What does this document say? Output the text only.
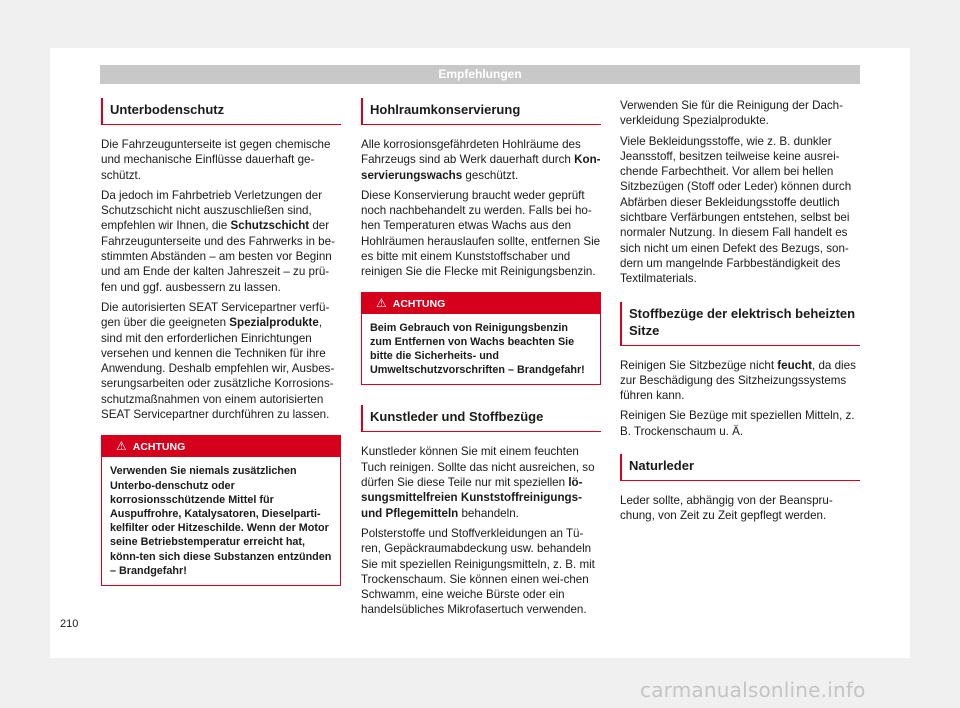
Empfehlungen
Unterbodenschutz

Die Fahrzeugunterseite ist gegen chemische und mechanische Einflüsse dauerhaft ge-schützt.

Da jedoch im Fahrbetrieb Verletzungen der Schutzschicht nicht auszuschließen sind, empfehlen wir Ihnen, die Schutzschicht der Fahrzeugunterseite und des Fahrwerks in be-stimmten Abständen – am besten vor Beginn und am Ende der kalten Jahreszeit – zu prü-fen und ggf. ausbessern zu lassen.

Die autorisierten SEAT Servicepartner verfü-gen über die geeigneten Spezialprodukte, sind mit den erforderlichen Einrichtungen versehen und kennen die Techniken für ihre Anwendung. Deshalb empfehlen wir, Ausbes-serungsarbeiten oder zusätzliche Korrosions-schutzmaßnahmen von einem autorisierten SEAT Servicepartner durchführen zu lassen.

⚠ ACHTUNG
Verwenden Sie niemals zusätzlichen Unterbo-denschutz oder korrosionsschützende Mittel für Auspuffrohre, Katalysatoren, Dieselparti-kelfilter oder Hitzeschilde. Wenn der Motor seine Betriebstemperatur erreicht hat, könn-ten sich diese Substanzen entzünden – Brandgefahr!
Hohlraumkonservierung

Alle korrosionsgefährdeten Hohlräume des Fahrzeugs sind ab Werk dauerhaft durch Kon-servierungswachs geschützt.

Diese Konservierung braucht weder geprüft noch nachbehandelt zu werden. Falls bei ho-hen Temperaturen etwas Wachs aus den Hohlräumen herauslaufen sollte, entfernen Sie es bitte mit einem Kunststoffschaber und reinigen Sie die Flecke mit Reinigungsbenzin.

⚠ ACHTUNG
Beim Gebrauch von Reinigungsbenzin zum Entfernen von Wachs beachten Sie bitte die Sicherheits- und Umweltschutzvorschriften – Brandgefahr!
Kunstleder und Stoffbezüge

Kunstleder können Sie mit einem feuchten Tuch reinigen. Sollte das nicht ausreichen, so dürfen Sie diese Teile nur mit speziellen lö-sungsmittelfreien Kunststoffreinigungs- und Pflegemitteln behandeln.

Polsterstoffe und Stoffverkleidungen an Tü-ren, Gepäckraumabdeckung usw. behandeln Sie mit speziellen Reinigungsmitteln, z. B. mit Trockenschaum. Sie können einen wei-chen Schwamm, eine weiche Bürste oder ein handelsübliches Mikrofasertuch verwenden.

Verwenden Sie für die Reinigung der Dach-verkleidung Spezialprodukte.

Viele Bekleidungsstoffe, wie z. B. dunkler Jeansstoff, besitzen teilweise keine ausrei-chende Farbechtheit. Vor allem bei hellen Sitzbezügen (Stoff oder Leder) können durch Abfärben dieser Bekleidungsstoffe deutlich sichtbare Verfärbungen entstehen, selbst bei normaler Nutzung. In diesem Fall handelt es sich nicht um einen Defekt des Bezugs, son-dern um mangelnde Farbbeständigkeit des Textilmaterials.

Stoffbezüge der elektrisch beheizten Sitze

Reinigen Sie Sitzbezüge nicht feucht, da dies zur Beschädigung des Sitzheizungssystems führen kann.

Reinigen Sie Bezüge mit speziellen Mitteln, z. B. Trockenschaum u. Ä.

Naturleder

Leder sollte, abhängig von der Beanspru-chung, von Zeit zu Zeit gepflegt werden.

210
carmanualsonline.info
